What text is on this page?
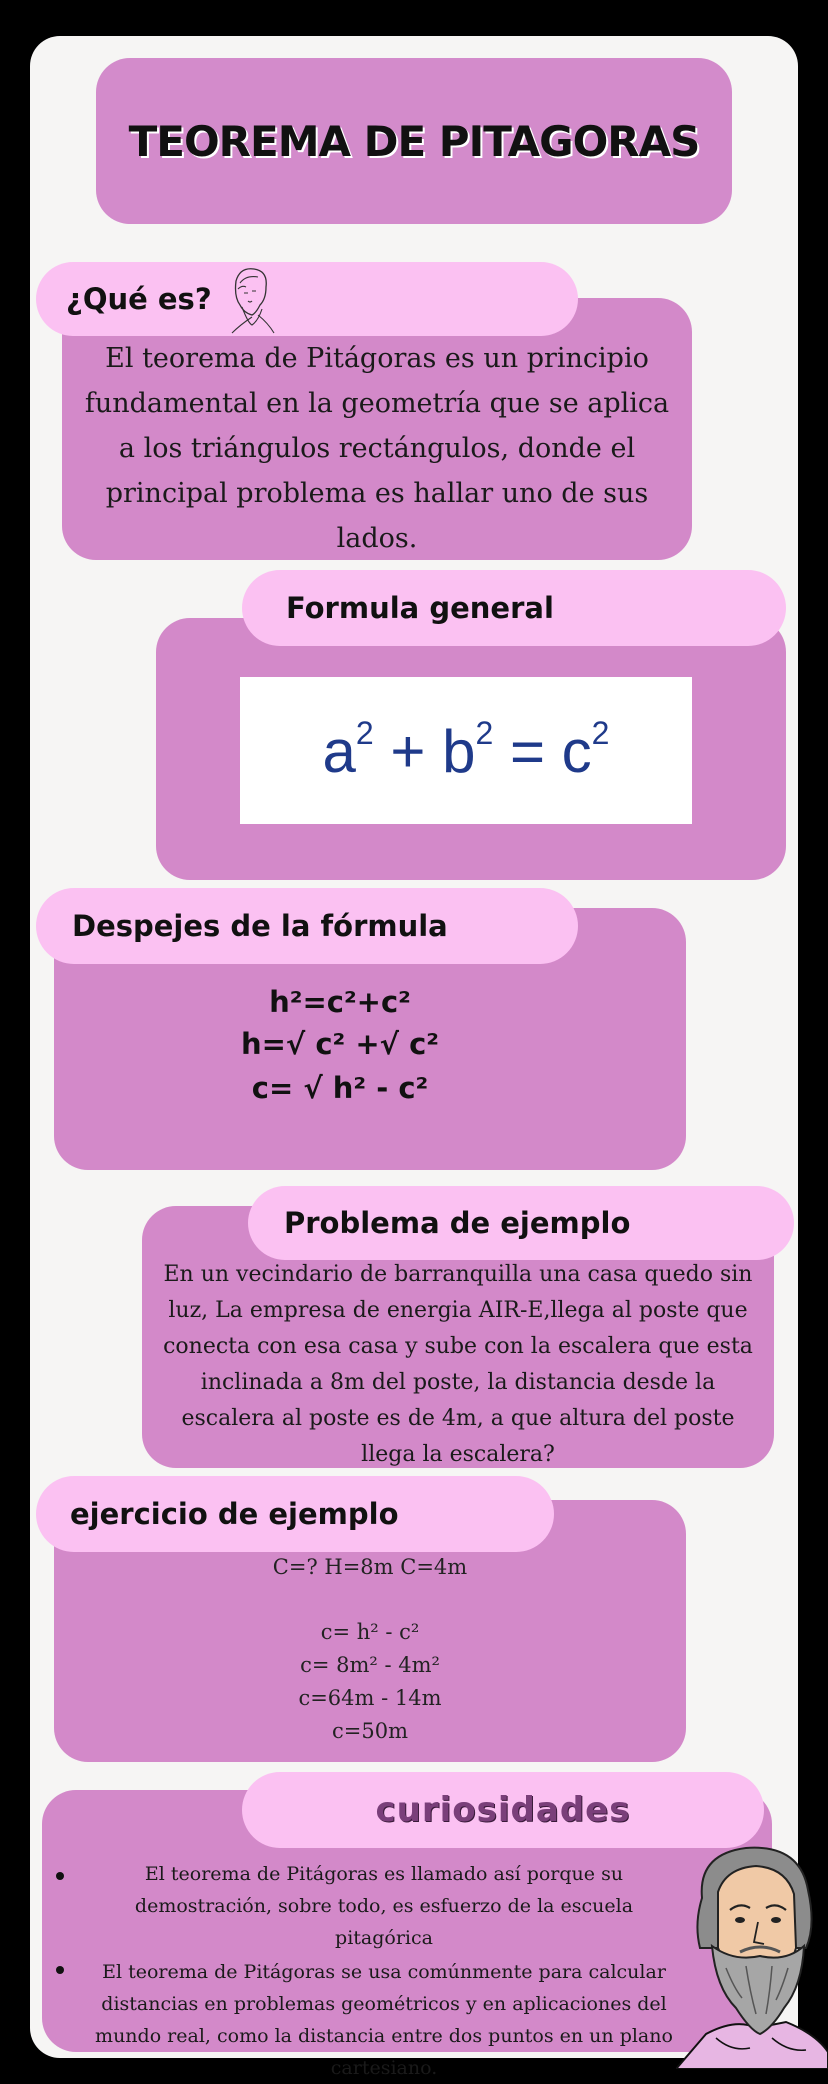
TEOREMA DE PITAGORAS
¿Qué es?
El teorema de Pitágoras es un principio fundamental en la geometría que se aplica a los triángulos rectángulos, donde el principal problema es hallar uno de sus lados.
Formula general
$a^2 + b^2 = c^2$
Despejes de la fórmula
h²=c²+c²
h=√ c² +√ c²
c= √ h² - c²
Problema de ejemplo
En un vecindario de barranquilla una casa quedo sin luz, La empresa de energia AIR-E,llega al poste que conecta con esa casa y sube con la escalera que esta inclinada a 8m del poste, la distancia desde la escalera al poste es de 4m, a que altura del poste llega la escalera?
ejercicio de ejemplo
C=? H=8m C=4m
c= h² - c²
c= 8m² - 4m²
c=64m - 14m
c=50m
curiosidades
El teorema de Pitágoras es llamado así porque su demostración, sobre todo, es esfuerzo de la escuela pitagórica
El teorema de Pitágoras se usa comúnmente para calcular distancias en problemas geométricos y en aplicaciones del mundo real, como la distancia entre dos puntos en un plano cartesiano.
